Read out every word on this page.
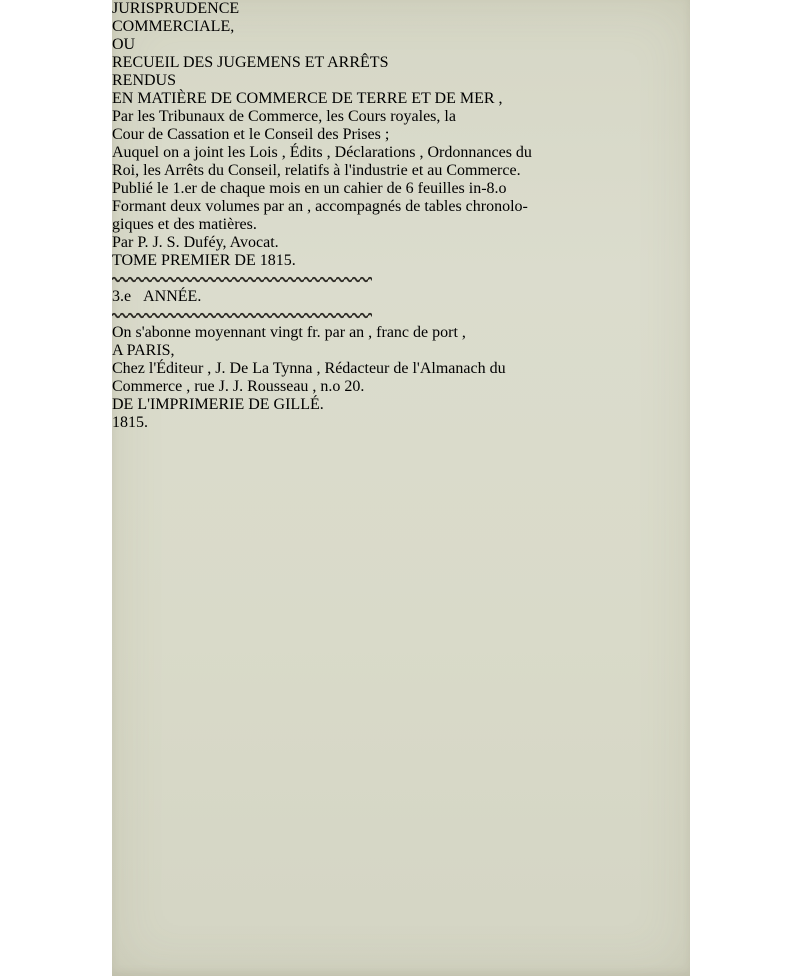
JURISPRUDENCE
COMMERCIALE,
OU
RECUEIL DES JUGEMENS ET ARRÊTS
RENDUS
EN MATIÈRE DE COMMERCE DE TERRE ET DE MER ,
Par les Tribunaux de Commerce, les Cours royales, la
Cour de Cassation et le Conseil des Prises ;
Auquel on a joint les Lois , Édits , Déclarations , Ordonnances du
Roi, les Arrêts du Conseil, relatifs à l'industrie et au Commerce.
Publié le 1.er de chaque mois en un cahier de 6 feuilles in-8.o
Formant deux volumes par an , accompagnés de tables chronolo-
giques et des matières.
Par P. J. S. Duféy, Avocat.
TOME PREMIER DE 1815.
3.e ANNÉE.
On s'abonne moyennant vingt fr. par an , franc de port ,
A PARIS,
Chez l'Éditeur , J. De La Tynna , Rédacteur de l'Almanach du
Commerce , rue J. J. Rousseau , n.o 20.
DE L'IMPRIMERIE DE GILLÉ.
1815.
